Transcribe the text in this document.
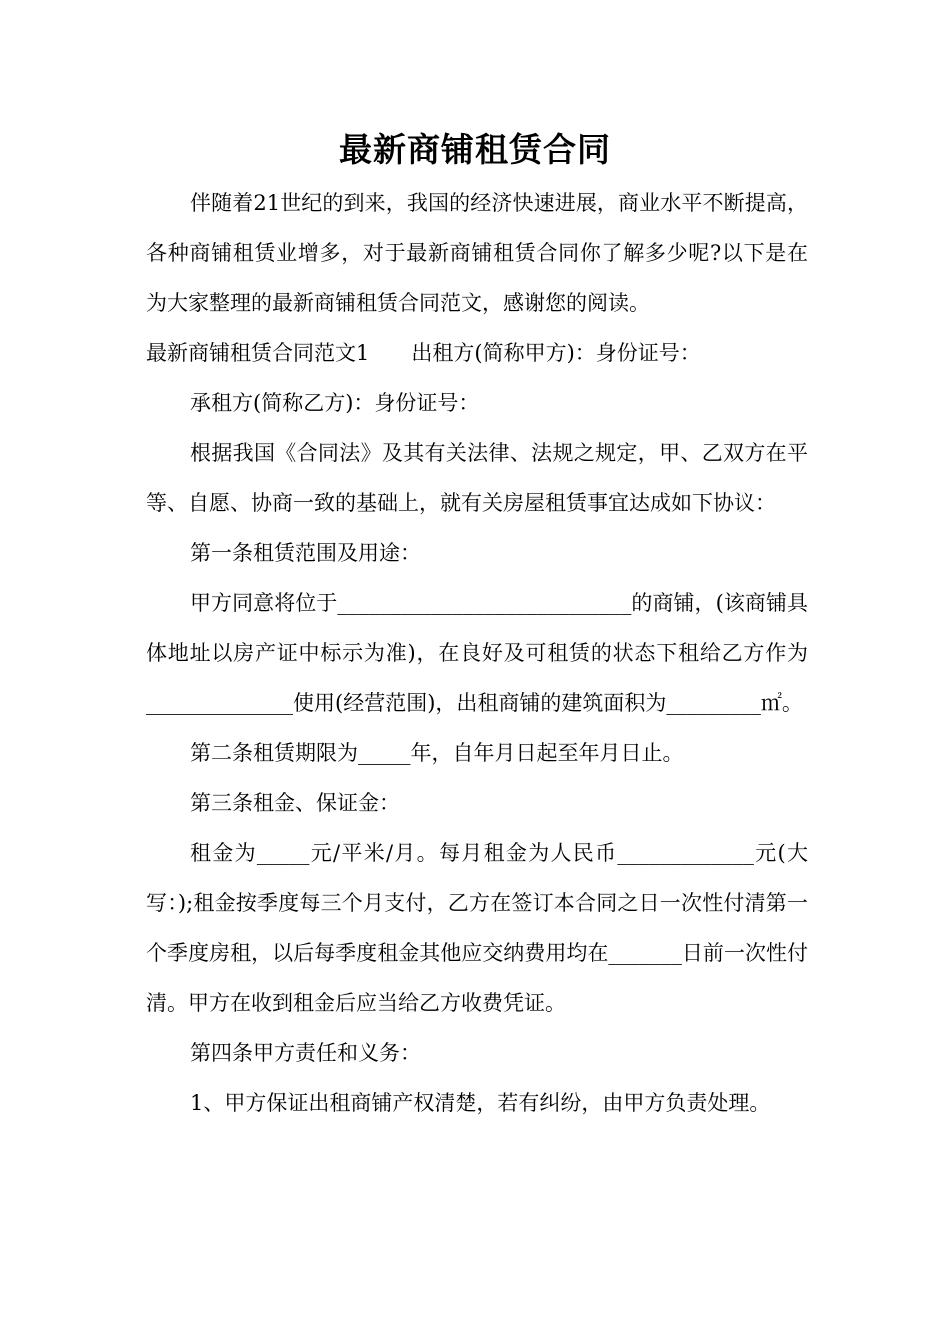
最新商铺租赁合同

伴随着21世纪的到来，我国的经济快速进展，商业水平不断提高，各种商铺租赁业增多，对于最新商铺租赁合同你了解多少呢?以下是在为大家整理的最新商铺租赁合同范文，感谢您的阅读。

最新商铺租赁合同范文1 出租方(简称甲方)：身份证号：

承租方(简称乙方)：身份证号：

根据我国《合同法》及其有关法律、法规之规定，甲、乙双方在平等、自愿、协商一致的基础上，就有关房屋租赁事宜达成如下协议：

第一条租赁范围及用途：

甲方同意将位于____________________________的商铺，(该商铺具体地址以房产证中标示为准)，在良好及可租赁的状态下租给乙方作为______________使用(经营范围)，出租商铺的建筑面积为_________㎡。

第二条租赁期限为_____年，自年月日起至年月日止。

第三条租金、保证金：

租金为_____元/平米/月。每月租金为人民币_____________元(大写：);租金按季度每三个月支付，乙方在签订本合同之日一次性付清第一个季度房租，以后每季度租金其他应交纳费用均在_______日前一次性付清。甲方在收到租金后应当给乙方收费凭证。

第四条甲方责任和义务：

1、甲方保证出租商铺产权清楚，若有纠纷，由甲方负责处理。
